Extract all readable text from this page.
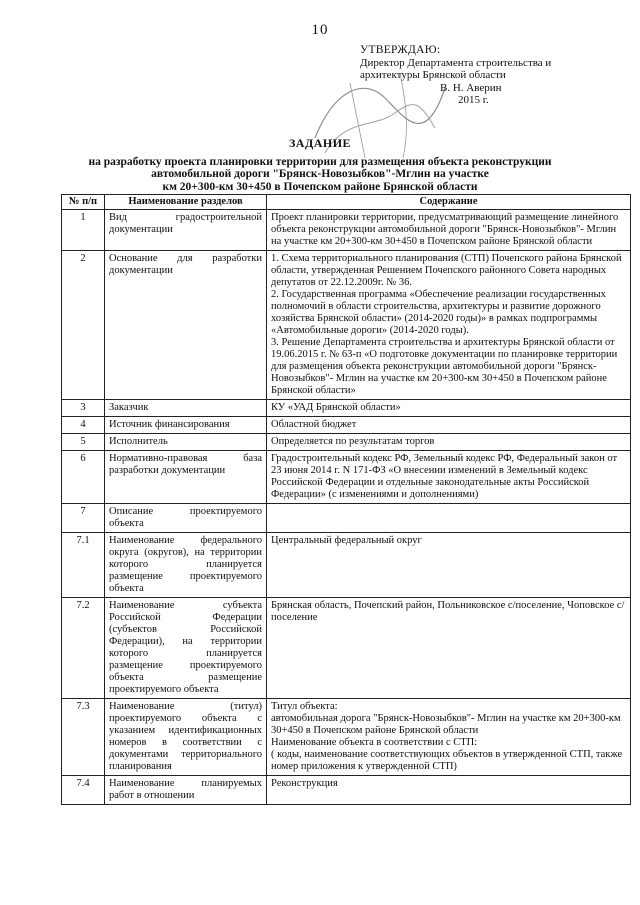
10
УТВЕРЖДАЮ:
Директор Департамента строительства и архитектуры Брянской области
В. Н. Аверин
2015 г.
ЗАДАНИЕ
на разработку проекта планировки территории для размещения объекта реконструкции
автомобильной дороги "Брянск-Новозыбков"-Мглин на участке
км 20+300-км 30+450 в Почепском районе Брянской области
№ п/п	Наименование разделов	Содержание
1	Вид градостроительной документации	Проект планировки территории, предусматривающий размещение линейного объекта реконструкции автомобильной дороги "Брянск-Новозыбков"- Мглин на участке км 20+300-км 30+450 в Почепском районе Брянской области
2	Основание для разработки документации	1. Схема территориального планирования (СТП) Почепского района Брянской области, утвержденная Решением Почепского районного Совета народных депутатов от 22.12.2009г. № 36.
2. Государственная программа «Обеспечение реализации государственных полномочий в области строительства, архитектуры и развитие дорожного хозяйства Брянской области» (2014-2020 годы)» в рамках подпрограммы «Автомобильные дороги» (2014-2020 годы).
3. Решение Департамента строительства и архитектуры Брянской области от 19.06.2015 г. № 63-п «О подготовке документации по планировке территории для размещения объекта реконструкции автомобильной дороги "Брянск-Новозыбков"- Мглин на участке км 20+300-км 30+450 в Почепском районе Брянской области»
3	Заказчик	КУ «УАД Брянской области»
4	Источник финансирования	Областной бюджет
5	Исполнитель	Определяется по результатам торгов
6	Нормативно-правовая база разработки документации	Градостроительный кодекс РФ, Земельный кодекс РФ, Федеральный закон от 23 июня 2014 г. N 171-ФЗ «О внесении изменений в Земельный кодекс Российской Федерации и отдельные законодательные акты Российской Федерации» (с изменениями и дополнениями)
7	Описание проектируемого объекта	
7.1	Наименование федерального округа (округов), на территории которого планируется размещение проектируемого объекта	Центральный федеральный округ
7.2	Наименование субъекта Российской Федерации (субъектов Российской Федерации), на территории которого планируется размещение проектируемого объекта размещение проектируемого объекта	Брянская область, Почепский район, Польниковское с/поселение, Чоповское с/поселение
7.3	Наименование (титул) проектируемого объекта с указанием идентификационных номеров в соответствии с документами территориального планирования	Титул объекта:
автомобильная дорога "Брянск-Новозыбков"- Мглин на участке км 20+300-км 30+450 в Почепском районе Брянской области
Наименование объекта в соответствии с СТП:
( коды, наименование соответствующих объектов в утвержденной СТП, также номер приложения к утвержденной СТП)
7.4	Наименование планируемых работ в отношении	Реконструкция
